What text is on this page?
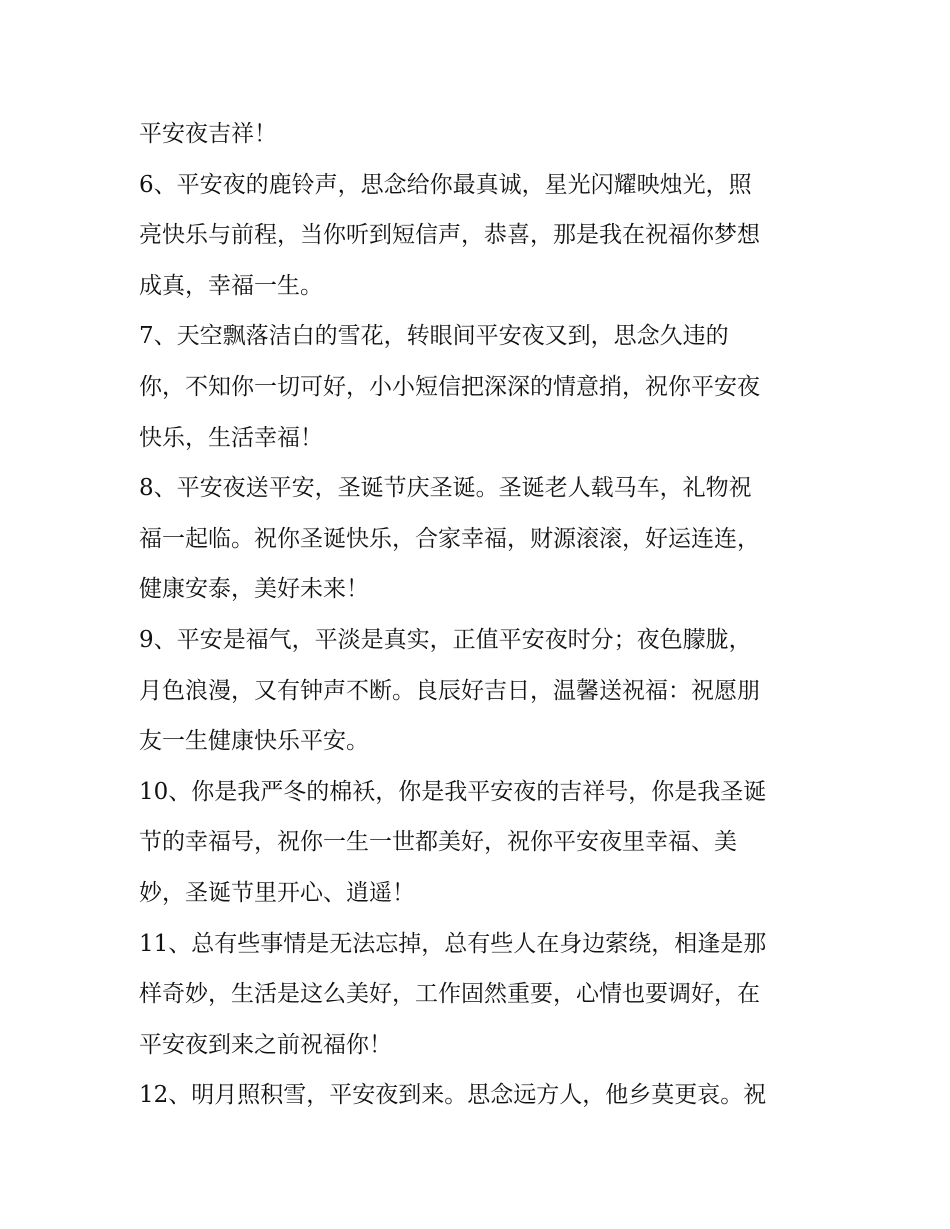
平安夜吉祥！
6、平安夜的鹿铃声，思念给你最真诚，星光闪耀映烛光，照
亮快乐与前程，当你听到短信声，恭喜，那是我在祝福你梦想
成真，幸福一生。
7、天空飘落洁白的雪花，转眼间平安夜又到，思念久违的
你，不知你一切可好，小小短信把深深的情意捎，祝你平安夜
快乐，生活幸福！
8、平安夜送平安，圣诞节庆圣诞。圣诞老人载马车，礼物祝
福一起临。祝你圣诞快乐，合家幸福，财源滚滚，好运连连，
健康安泰，美好未来！
9、平安是福气，平淡是真实，正值平安夜时分；夜色朦胧，
月色浪漫，又有钟声不断。良辰好吉日，温馨送祝福：祝愿朋
友一生健康快乐平安。
10、你是我严冬的棉袄，你是我平安夜的吉祥号，你是我圣诞
节的幸福号，祝你一生一世都美好，祝你平安夜里幸福、美
妙，圣诞节里开心、逍遥！
11、总有些事情是无法忘掉，总有些人在身边萦绕，相逢是那
样奇妙，生活是这么美好，工作固然重要，心情也要调好，在
平安夜到来之前祝福你！
12、明月照积雪，平安夜到来。思念远方人，他乡莫更哀。祝
